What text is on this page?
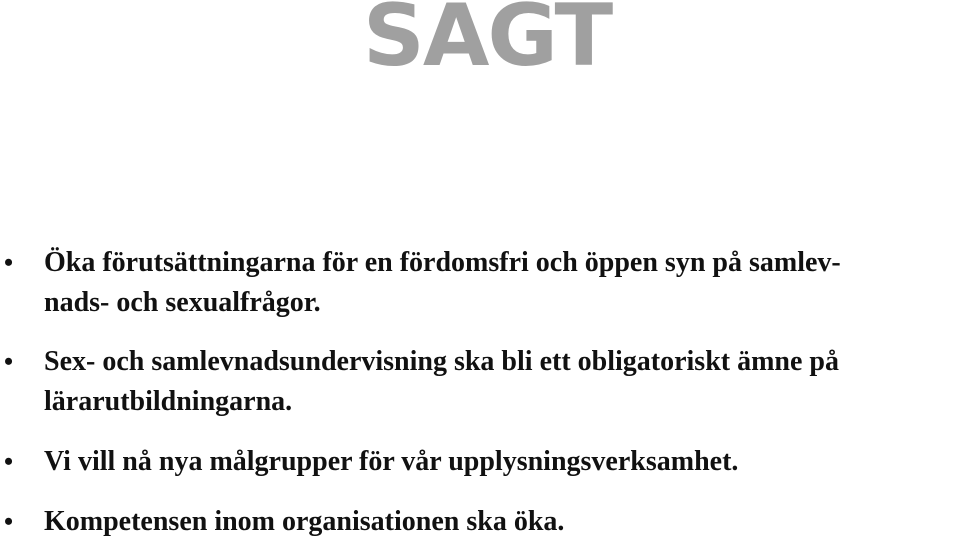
SAGT
•	Öka förutsättningarna för en fördomsfri och öppen syn på samlev-
nads- och sexualfrågor.
•	Sex- och samlevnadsundervisning ska bli ett obligatoriskt ämne på
lärarutbildningarna.
•	Vi vill nå nya målgrupper för vår upplysningsverksamhet.
•	Kompetensen inom organisationen ska öka.
